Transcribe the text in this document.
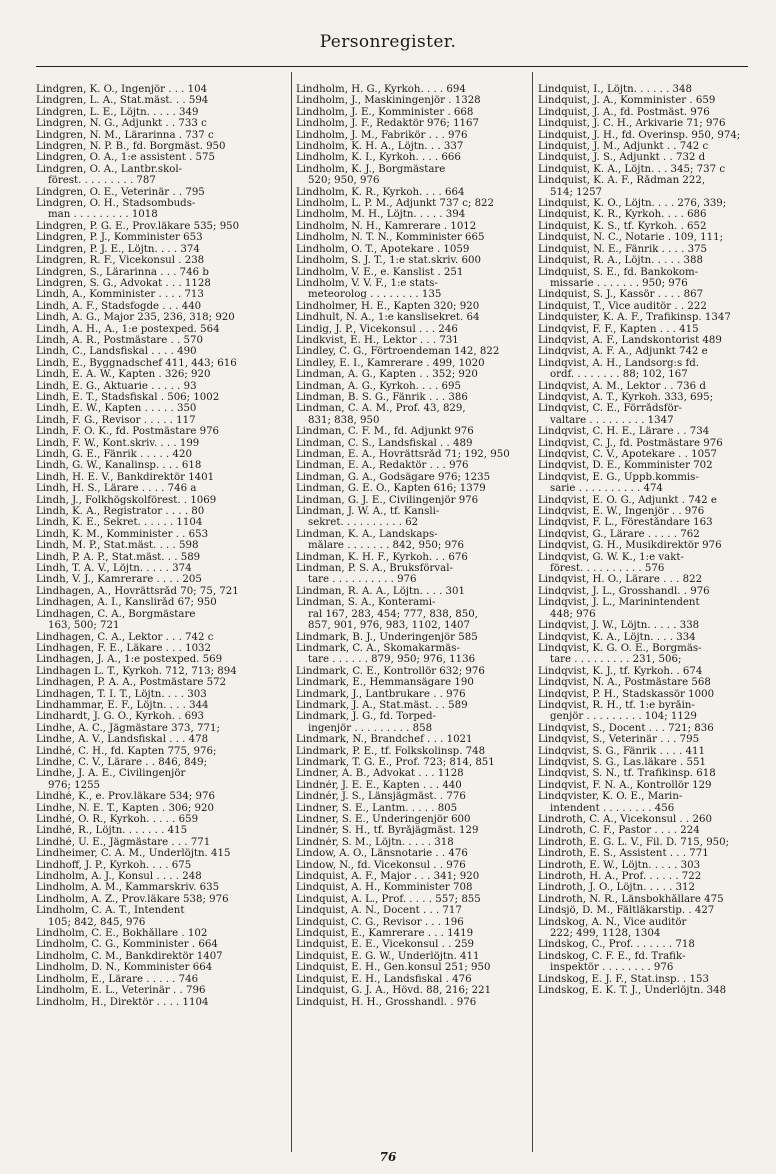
Personregister.
Lindgren, K. O., Ingenjör . . . 104
Lindgren, L. A., Stat.mäst. . . 594
Lindgren, L. E., Löjtn. . . . . 349
Lindgren, N. G., Adjunkt . . 733 c
Lindgren, N. M., Lärarinna . 737 c
Lindgren, N. P. B., fd. Borgmäst. 950
Lindgren, O. A., 1:e assistent . 575
Lindgren, O. A., Lantbr.skol-
förest. . . . . . . . . 787
Lindgren, O. E., Veterinär . . 795
Lindgren, O. H., Stadsombuds-
man . . . . . . . . . 1018
Lindgren, P. G. E., Prov.läkare 535; 950
Lindgren, P. J., Komminister 653
Lindgren, P. J. E., Löjtn. . . . 374
Lindgren, R. F., Vicekonsul . 238
Lindgren, S., Lärarinna . . . 746 b
Lindgren, S. G., Advokat . . . 1128
Lindh, A., Komminister . . . . 713
Lindh, A. F., Stadsfogde . . . 440
Lindh, A. G., Major 235, 236, 318; 920
Lindh, A. H., A., 1:e postexped. 564
Lindh, A. R., Postmästare . . 570
Lindh, C., Landsfiskal . . . . 490
Lindh, E., Byggnadschef 411, 443; 616
Lindh, E. A. W., Kapten . 326; 920
Lindh, E. G., Aktuarie . . . . . 93
Lindh, E. T., Stadsfiskal . 506; 1002
Lindh, E. W., Kapten . . . . . 350
Lindh, F. G., Revisor . . . . . 117
Lindh, F. O. K., fd. Postmästare 976
Lindh, F. W., Kont.skriv. . . . 199
Lindh, G. E., Fänrik . . . . . 420
Lindh, G. W., Kanalinsp. . . . 618
Lindh, H. E. V., Bankdirektör 1401
Lindh, H. S., Lärare . . . . 746 a
Lindh, J., Folkhögskolförest. . 1069
Lindh, K. A., Registrator . . . . 80
Lindh, K. E., Sekret. . . . . . 1104
Lindh, K. M., Komminister . . 653
Lindh, M. P., Stat.mäst. . . . 598
Lindh, P. A. P., Stat.mäst. . . 589
Lindh, T. A. V., Löjtn. . . . . 374
Lindh, V. J., Kamrerare . . . . 205
Lindhagen, A., Hovrättsråd 70; 75, 721
Lindhagen, A. I., Kansliråd 67; 950
Lindhagen, C. A., Borgmästare
163, 500; 721
Lindhagen, C. A., Lektor . . . 742 c
Lindhagen, F. E., Läkare . . . 1032
Lindhagen, J. A., 1:e postexped. 569
Lindhagen L. T., Kyrkoh. 712, 713; 894
Lindhagen, P. A. A., Postmästare 572
Lindhagen, T. I. T., Löjtn. . . . 303
Lindhammar, E. F., Löjtn. . . . 344
Lindhardt, J. G. O., Kyrkoh. . 693
Lindhe, A. C., Jägmästare 373, 771;
Lindhe, A. V., Landsfiskal . . . 478
Lindhé, C. H., fd. Kapten 775, 976;
Lindhe, C. V., Lärare . . 846, 849;
Lindhe, J. A. E., Civilingenjör
976; 1255
Lindhé, K., e. Prov.läkare 534; 976
Lindhe, N. E. T., Kapten . 306; 920
Lindhé, O. R., Kyrkoh. . . . . 659
Lindhé, R., Löjtn. . . . . . . 415
Lindhé, U. E., Jägmästare . . . 771
Lindheimer, C. A. M., Underlöjtn. 415
Lindhoff, J. P., Kyrkoh. . . . 675
Lindholm, A. J., Konsul . . . . 248
Lindholm, A. M., Kammarskriv. 635
Lindholm, A. Z., Prov.läkare 538; 976
Lindholm, C. A. T., Intendent
105; 842, 845, 976
Lindholm, C. E., Bokhållare . 102
Lindholm, C. G., Komminister . 664
Lindholm, C. M., Bankdirektör 1407
Lindholm, D. N., Komminister 664
Lindholm, E., Lärare . . . . . 746
Lindholm, E. L., Veterinär . . 796
Lindholm, H., Direktör . . . . 1104
Lindholm, H. G., Kyrkoh. . . . 694
Lindholm, J., Maskiningenjör . 1328
Lindholm, J. E., Komminister . 668
Lindholm, J. F., Redaktör 976; 1167
Lindholm, J. M., Fabrikör . . . 976
Lindholm, K. H. A., Löjtn. . . 337
Lindholm, K. I., Kyrkoh. . . . 666
Lindholm, K. J., Borgmästare
520; 950, 976
Lindholm, K. R., Kyrkoh. . . . 664
Lindholm, L. P. M., Adjunkt 737 c; 822
Lindholm, M. H., Löjtn. . . . . 394
Lindholm, N. H., Kamrerare . 1012
Lindholm, N. T. N., Komminister 665
Lindholm, O. T., Apotekare . 1059
Lindholm, S. J. T., 1:e stat.skriv. 600
Lindholm, V. E., e. Kanslist . 251
Lindholm, V. V. F., 1:e stats-
meteorolog . . . . . . . . 135
Lindholmer, H. E., Kapten 320; 920
Lindhult, N. A., 1:e kanslisekret. 64
Lindig, J. P., Vicekonsul . . . 246
Lindkvist, E. H., Lektor . . . 731
Lindley, C. G., Förtroendeman 142, 822
Lindley, E. I., Kamrerare . 499, 1020
Lindman, A. G., Kapten . . 352; 920
Lindman, A. G., Kyrkoh. . . . 695
Lindman, B. S. G., Fänrik . . . 386
Lindman, C. A. M., Prof. 43, 829,
831; 838, 950
Lindman, C. F. M., fd. Adjunkt 976
Lindman, C. S., Landsfiskal . . 489
Lindman, E. A., Hovrättsråd 71; 192, 950
Lindman, E. A., Redaktör . . . 976
Lindman, G. A., Godsägare 976; 1235
Lindman, G. E. O., Kapten 616; 1379
Lindman, G. J. E., Civilingenjör 976
Lindman, J. W. A., tf. Kansli-
sekret. . . . . . . . . . 62
Lindman, K. A., Landskaps-
målare . . . . . . . 842, 950; 976
Lindman, K. H. F., Kyrkoh. . . 676
Lindman, P. S. A., Bruksförval-
tare . . . . . . . . . . 976
Lindman, R. A. A., Löjtn. . . . 301
Lindman, S. A., Konterami-
ral 167, 283, 454; 777, 838, 850,
857, 901, 976, 983, 1102, 1407
Lindmark, B. J., Underingenjör 585
Lindmark, C. A., Skomakarmäs-
tare . . . . . . 879, 950; 976, 1136
Lindmark, C. E., Kontrollör 632; 976
Lindmark, E., Hemmansägare 190
Lindmark, J., Lantbrukare . . 976
Lindmark, J. A., Stat.mäst. . . 589
Lindmark, J. G., fd. Torped-
ingenjör . . . . . . . . . 858
Lindmark, N., Brandchef . . . 1021
Lindmark, P. E., tf. Folkskolinsp. 748
Lindmark, T. G. E., Prof. 723; 814, 851
Lindner, A. B., Advokat . . . 1128
Lindnér, J. E. E., Kapten . . . 440
Lindnér, J. S., Länsjägmäst. . 776
Lindner, S. E., Lantm. . . . . 805
Lindner, S. E., Underingenjör 600
Lindnér, S. H., tf. Byråjägmäst. 129
Lindnér, S. M., Löjtn. . . . . 318
Lindow, A. O., Länsnotarie . . 476
Lindow, N., fd. Vicekonsul . . 976
Lindquist, A. F., Major . . . 341; 920
Lindquist, A. H., Komminister 708
Lindquist, A. L., Prof. . . . . 557; 855
Lindquist, A. N., Docent . . . 717
Lindquist, C. G., Revisor . . . 196
Lindquist, E., Kamrerare . . . 1419
Lindquist, E. E., Vicekonsul . . 259
Lindquist, E. G. W., Underlöjtn. 411
Lindquist, E. H., Gen.konsul 251; 950
Lindquist, E. H., Landsfiskal . 476
Lindquist, G. J. A., Hövd. 88, 216; 221
Lindquist, H. H., Grosshandl. . 976
Lindquist, I., Löjtn. . . . . . 348
Lindquist, J. A., Komminister . 659
Lindquist, J. A., fd. Postmäst. 976
Lindquist, J. C. H., Arkivarie 71; 976
Lindquist, J. H., fd. Överinsp. 950, 974;
Lindquist, J. M., Adjunkt . . 742 c
Lindquist, J. S., Adjunkt . . 732 d
Lindquist, K. A., Löjtn. . . 345; 737 c
Lindquist, K. A. F., Rådman 222,
514; 1257
Lindquist, K. O., Löjtn. . . . 276, 339;
Lindquist, K. R., Kyrkoh. . . . 686
Lindquist, K. S., tf. Kyrkoh. . 652
Lindquist, N. C., Notarie . 109, 111;
Lindquist, N. E., Fänrik . . . . 375
Lindquist, R. A., Löjtn. . . . . 388
Lindquist, S. E., fd. Bankokom-
missarie . . . . . . . 950; 976
Lindquist, S. J., Kassör . . . . 867
Lindquist, T., Vice auditör . . 222
Lindquister, K. A. F., Trafikinsp. 1347
Lindqvist, F. F., Kapten . . . 415
Lindqvist, A. F., Landskontorist 489
Lindqvist, A. F. A., Adjunkt 742 e
Lindqvist, A. H., Landsorg:s fd.
ordf. . . . . . . . 88; 102, 167
Lindqvist, A. M., Lektor . . 736 d
Lindqvist, A. T., Kyrkoh. 333, 695;
Lindqvist, C. E., Förrådsför-
valtare . . . . . . . . . 1347
Lindqvist, C. H. E., Lärare . . 734
Lindqvist, C. J., fd. Postmästare 976
Lindqvist, C. V., Apotekare . . 1057
Lindqvist, D. E., Komminister 702
Lindqvist, E. G., Uppb.kommis-
sarie . . . . . . . . . . 474
Lindqvist, E. O. G., Adjunkt . 742 e
Lindqvist, E. W., Ingenjör . . 976
Lindqvist, F. L., Föreståndare 163
Lindqvist, G., Lärare . . . . . 762
Lindqvist, G. H., Musikdirektör 976
Lindqvist, G. W. K., 1:e vakt-
förest. . . . . . . . . . 576
Lindqvist, H. O., Lärare . . . 822
Lindqvist, J. L., Grosshandl. . 976
Lindqvist, J. L., Marinintendent
448; 976
Lindqvist, J. W., Löjtn. . . . . 338
Lindqvist, K. A., Löjtn. . . . 334
Lindqvist, K. G. O. E., Borgmäs-
tare . . . . . . . . . 231, 506;
Lindqvist, K. J., tf. Kyrkoh. . 674
Lindqvist, N. A., Postmästare 568
Lindqvist, P. H., Stadskassör 1000
Lindqvist, R. H., tf. 1:e byråin-
genjör . . . . . . . . . 104; 1129
Lindqvist, S., Docent . . . 721; 836
Lindqvist, S., Veterinär . . . 795
Lindqvist, S. G., Fänrik . . . . 411
Lindqvist, S. G., Las.läkare . 551
Lindqvist, S. N., tf. Trafikinsp. 618
Lindqvist, F. N. A., Kontrollör 129
Lindqvister, K. O. E., Marin-
intendent . . . . . . . . 456
Lindroth, C. A., Vicekonsul . . 260
Lindroth, C. F., Pastor . . . . 224
Lindroth, E. G. L. V., Fil. D. 715, 950;
Lindroth, E. S., Assistent . . . 771
Lindroth, E. W., Löjtn. . . . . 303
Lindroth, H. A., Prof. . . . . . 722
Lindroth, J. O., Löjtn. . . . . 312
Lindroth, N. R., Länsbokhållare 475
Lindsjö, D. M., Fältläkarstip. . 427
Lindskog, A. N., Vice auditör
222; 499, 1128, 1304
Lindskog, C., Prof. . . . . . . 718
Lindskog, C. F. E., fd. Trafik-
inspektör . . . . . . . . 976
Lindskog, E. J. F., Stat.insp. . 153
Lindskog, E. K. T. J., Underlöjtn. 348
76
